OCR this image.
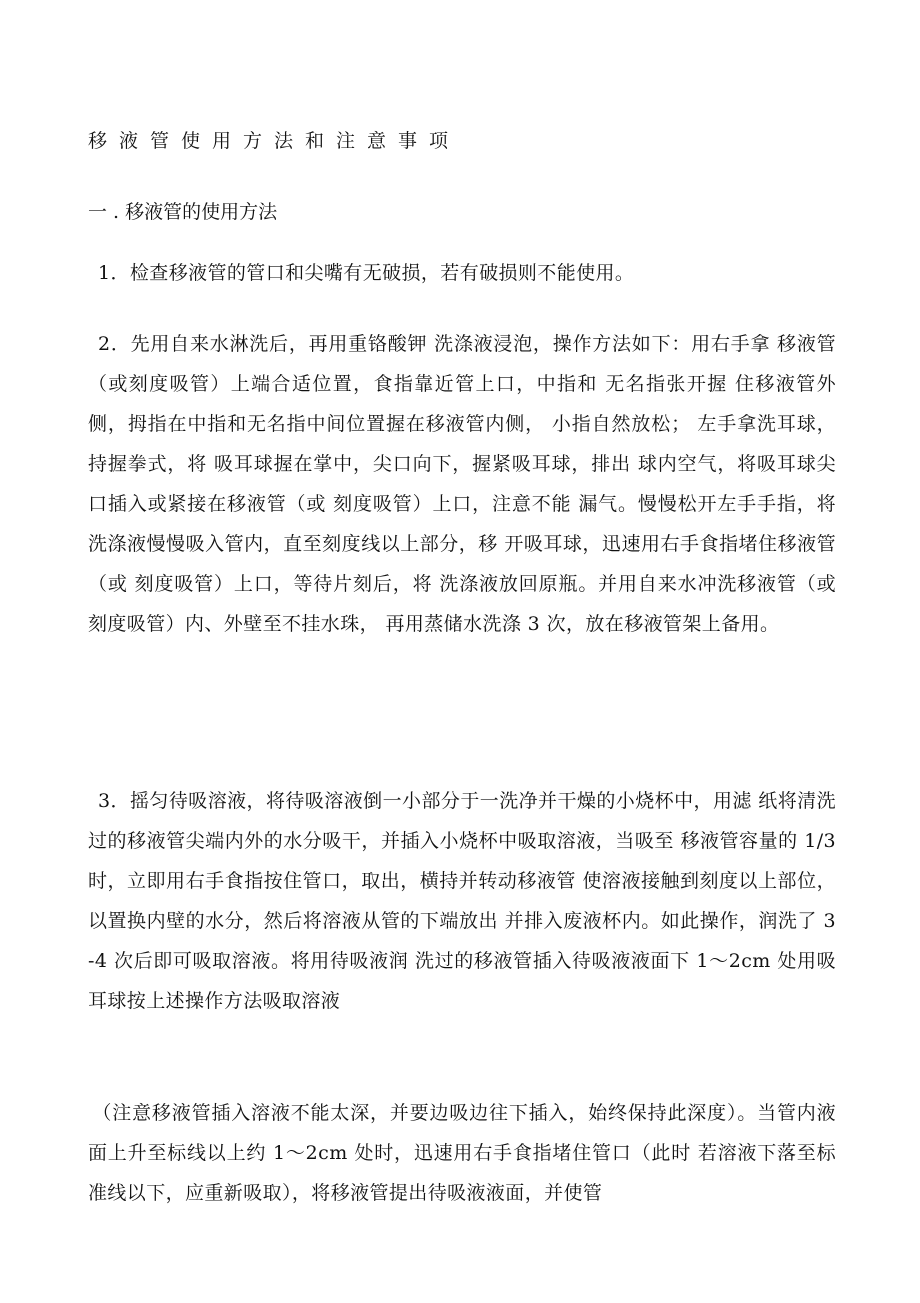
移液管使用方法和注意事项
一 . 移液管的使用方法

1．检查移液管的管口和尖嘴有无破损，若有破损则不能使用。

2．先用自来水淋洗后，再用重铬酸钾 洗涤液浸泡，操作方法如下：用右手拿 移液管（或刻度吸管）上端合适位置，食指靠近管上口，中指和 无名指张开握 住移液管外侧，拇指在中指和无名指中间位置握在移液管内侧， 小指自然放松； 左手拿洗耳球，持握拳式，将 吸耳球握在掌中，尖口向下，握紧吸耳球，排出 球内空气，将吸耳球尖口插入或紧接在移液管（或 刻度吸管）上口，注意不能 漏气。慢慢松开左手手指，将洗涤液慢慢吸入管内，直至刻度线以上部分，移 开吸耳球，迅速用右手食指堵住移液管（或 刻度吸管）上口，等待片刻后，将 洗涤液放回原瓶。并用自来水冲洗移液管（或刻度吸管）内、外壁至不挂水珠， 再用蒸储水洗涤 3 次，放在移液管架上备用。

3．摇匀待吸溶液，将待吸溶液倒一小部分于一洗净并干燥的小烧杯中，用滤 纸将清洗过的移液管尖端内外的水分吸干，并插入小烧杯中吸取溶液，当吸至 移液管容量的 1/3 时，立即用右手食指按住管口，取出，横持并转动移液管 使溶液接触到刻度以上部位，以置换内壁的水分，然后将溶液从管的下端放出 并排入废液杯内。如此操作，润洗了 3-4 次后即可吸取溶液。将用待吸液润 洗过的移液管插入待吸液液面下 1～2cm 处用吸耳球按上述操作方法吸取溶液

（注意移液管插入溶液不能太深，并要边吸边往下插入，始终保持此深度）。当管内液面上升至标线以上约 1～2cm 处时，迅速用右手食指堵住管口（此时 若溶液下落至标准线以下，应重新吸取），将移液管提出待吸液液面，并使管
